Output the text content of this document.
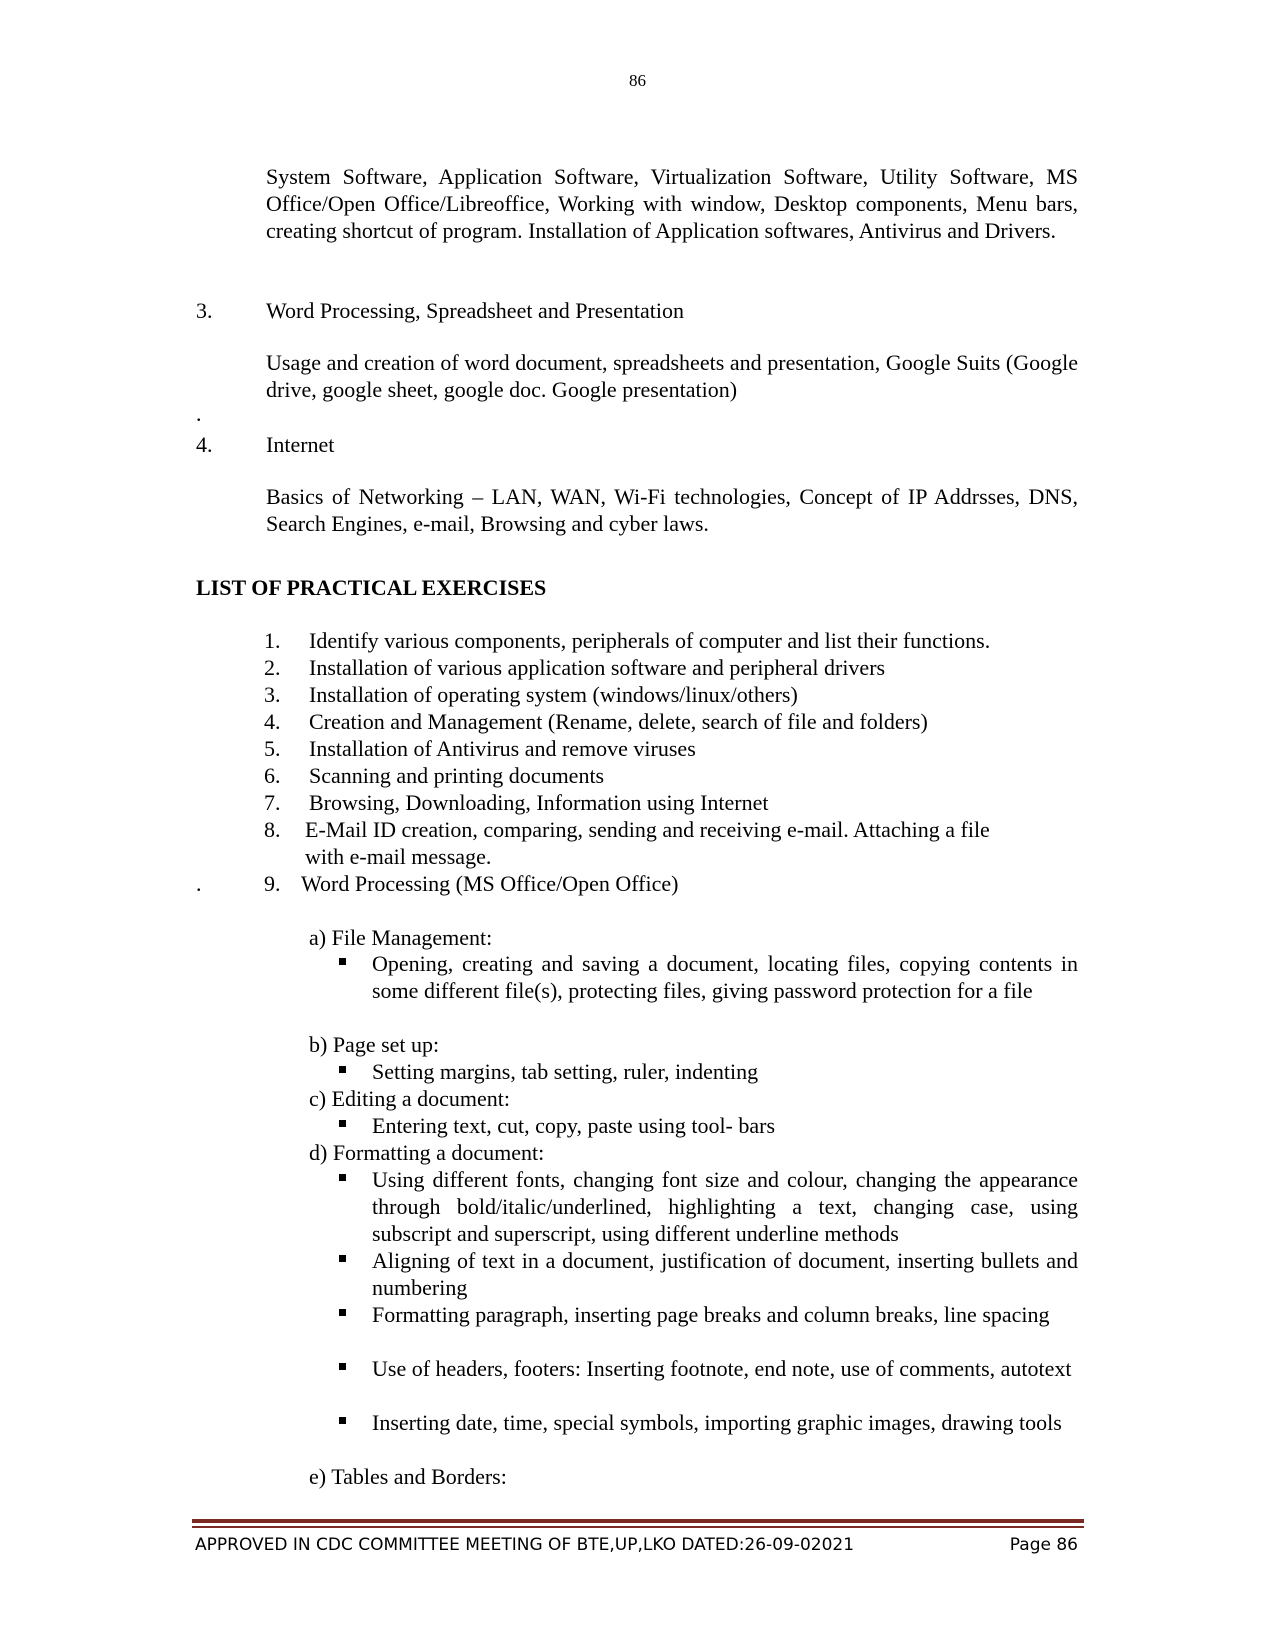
86
System Software, Application Software, Virtualization Software, Utility Software, MS Office/Open Office/Libreoffice, Working with window, Desktop components, Menu bars, creating shortcut of program. Installation of Application softwares, Antivirus and Drivers.
3. Word Processing, Spreadsheet and Presentation
Usage and creation of word document, spreadsheets and presentation, Google Suits (Google drive, google sheet, google doc. Google presentation)
.
4. Internet
Basics of Networking – LAN, WAN, Wi-Fi technologies, Concept of IP Addrsses, DNS, Search Engines, e-mail, Browsing and cyber laws.
LIST OF PRACTICAL EXERCISES
1. Identify various components, peripherals of computer and list their functions.
2. Installation of various application software and peripheral drivers
3. Installation of operating system (windows/linux/others)
4. Creation and Management (Rename, delete, search of file and folders)
5. Installation of Antivirus and remove viruses
6. Scanning and printing documents
7. Browsing, Downloading, Information using Internet
8. E-Mail ID creation, comparing, sending and receiving e-mail. Attaching a file
with e-mail message.
.	9. Word Processing (MS Office/Open Office)
a) File Management:
Opening, creating and saving a document, locating files, copying contents in some different file(s), protecting files, giving password protection for a file
b) Page set up:
Setting margins, tab setting, ruler, indenting
c) Editing a document:
Entering text, cut, copy, paste using tool- bars
d) Formatting a document:
Using different fonts, changing font size and colour, changing the appearance through bold/italic/underlined, highlighting a text, changing case, using subscript and superscript, using different underline methods
Aligning of text in a document, justification of document, inserting bullets and numbering
Formatting paragraph, inserting page breaks and column breaks, line spacing
Use of headers, footers: Inserting footnote, end note, use of comments, autotext
Inserting date, time, special symbols, importing graphic images, drawing tools
e) Tables and Borders:
APPROVED IN CDC COMMITTEE MEETING OF BTE,UP,LKO DATED:26-09-02021	Page 86
